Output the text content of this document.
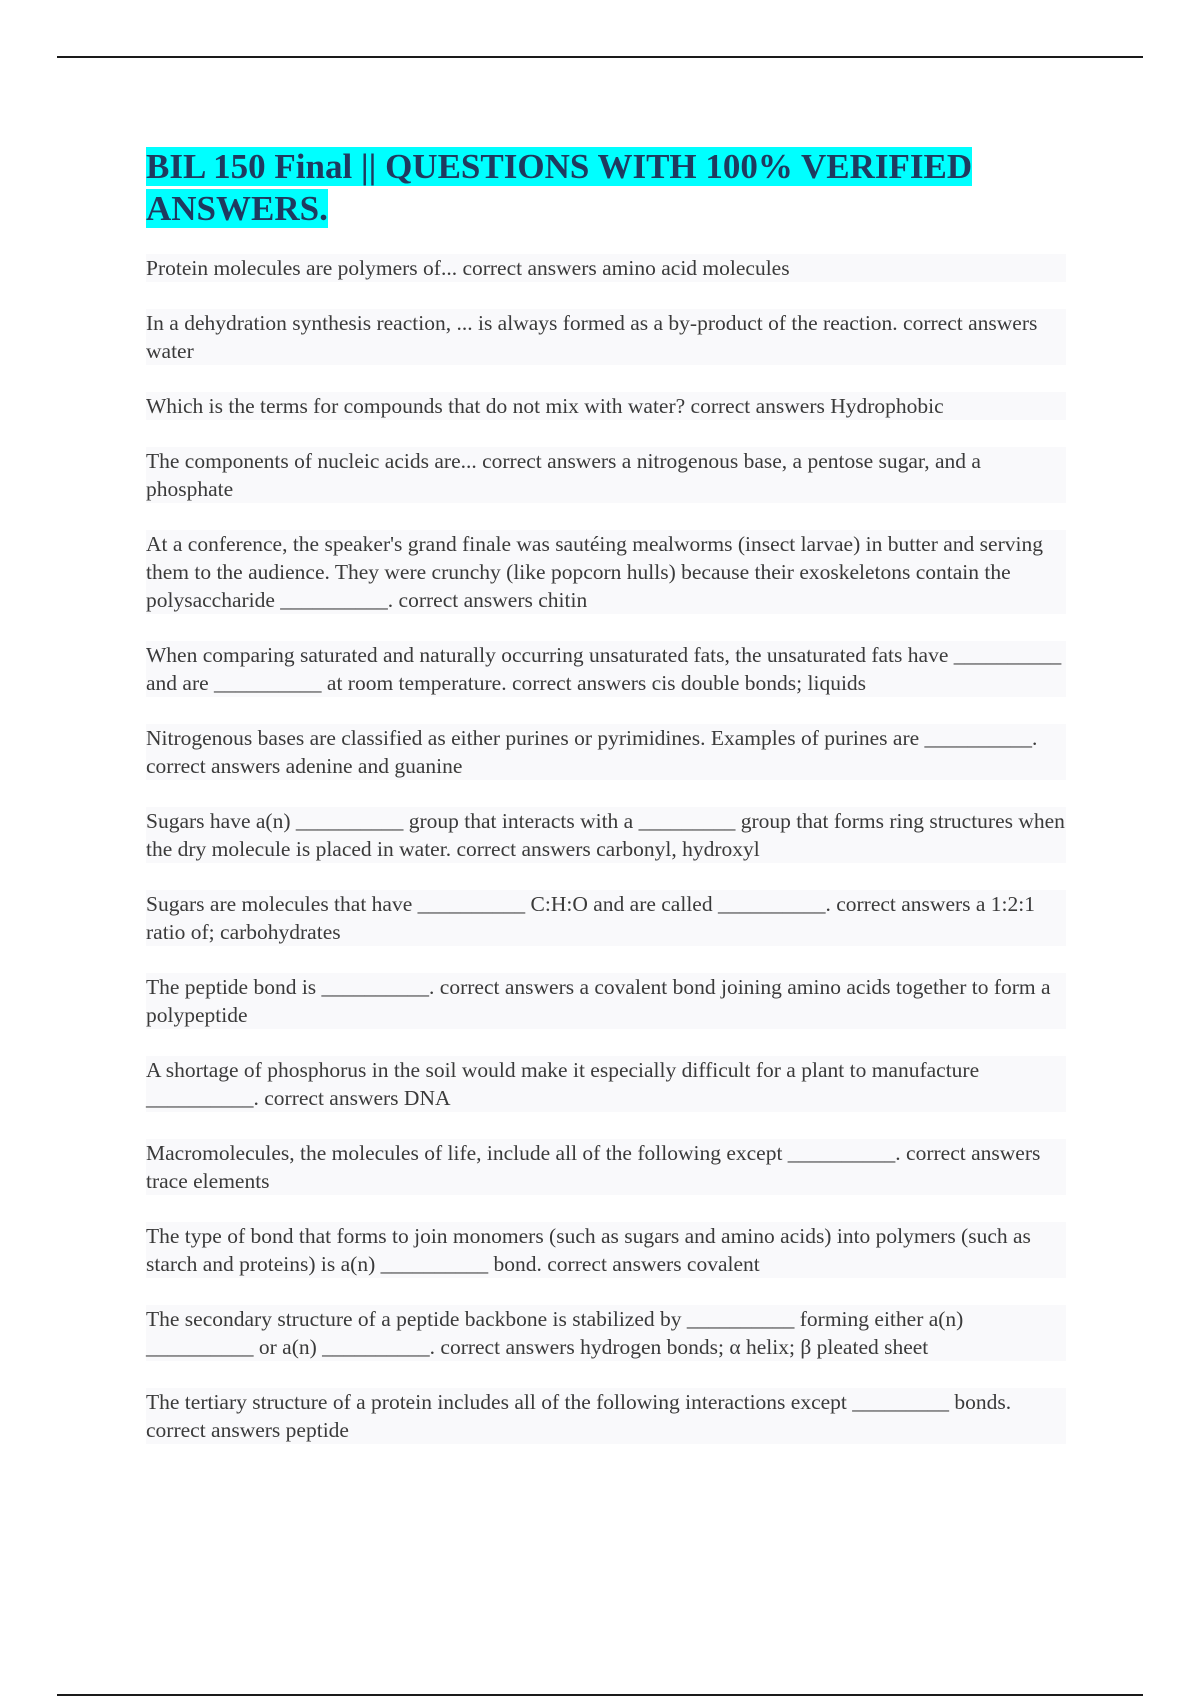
BIL 150 Final || QUESTIONS WITH 100% VERIFIED ANSWERS.

Protein molecules are polymers of... correct answers amino acid molecules

In a dehydration synthesis reaction, ... is always formed as a by-product of the reaction. correct answers water

Which is the terms for compounds that do not mix with water? correct answers Hydrophobic

The components of nucleic acids are... correct answers a nitrogenous base, a pentose sugar, and a phosphate

At a conference, the speaker's grand finale was sautéing mealworms (insect larvae) in butter and serving them to the audience. They were crunchy (like popcorn hulls) because their exoskeletons contain the polysaccharide __________. correct answers chitin

When comparing saturated and naturally occurring unsaturated fats, the unsaturated fats have __________ and are __________ at room temperature. correct answers cis double bonds; liquids

Nitrogenous bases are classified as either purines or pyrimidines. Examples of purines are __________. correct answers adenine and guanine

Sugars have a(n) __________ group that interacts with a _________ group that forms ring structures when the dry molecule is placed in water. correct answers carbonyl, hydroxyl

Sugars are molecules that have __________ C:H:O and are called __________. correct answers a 1:2:1 ratio of; carbohydrates

The peptide bond is __________. correct answers a covalent bond joining amino acids together to form a polypeptide

A shortage of phosphorus in the soil would make it especially difficult for a plant to manufacture __________. correct answers DNA

Macromolecules, the molecules of life, include all of the following except __________. correct answers trace elements

The type of bond that forms to join monomers (such as sugars and amino acids) into polymers (such as starch and proteins) is a(n) __________ bond. correct answers covalent

The secondary structure of a peptide backbone is stabilized by __________ forming either a(n) __________ or a(n) __________. correct answers hydrogen bonds; α helix; β pleated sheet

The tertiary structure of a protein includes all of the following interactions except _________ bonds. correct answers peptide
